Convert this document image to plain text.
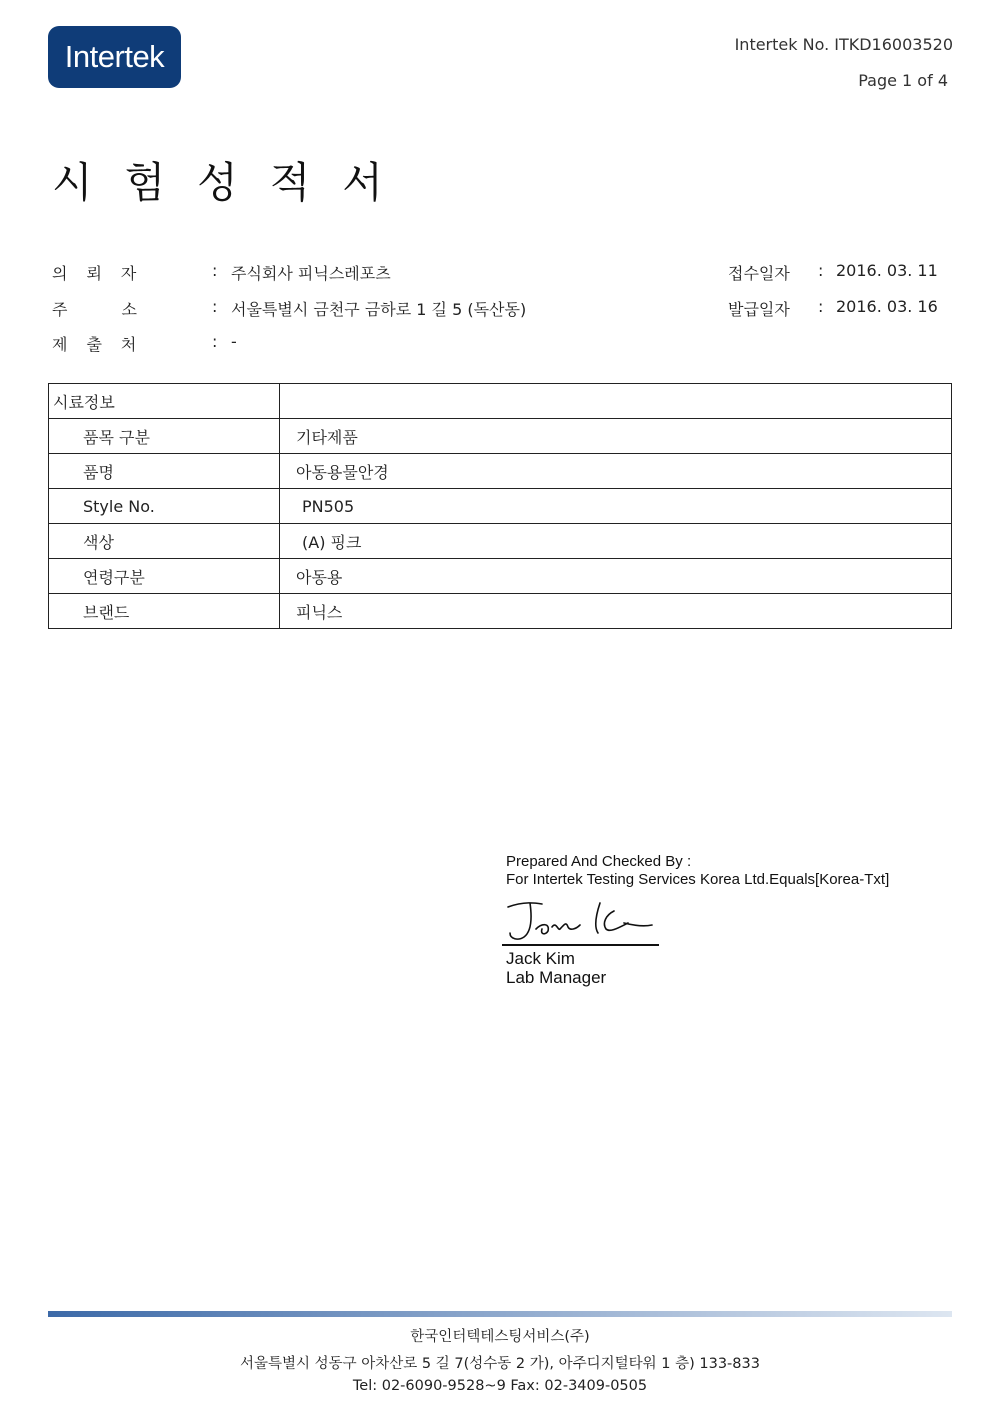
Intertek	Intertek No. ITKD16003520
Page 1 of 4
시험성적서
의뢰자	: 주식회사 피닉스레포츠
주소 : 서울특별시 금천구 금하로 1 길 5 (독산동)
제출처	: -
접수일자 : 2016. 03. 11
발급일자 : 2016. 03. 16
시료정보	
품목 구분	기타제품
품명	아동용물안경
Style No.	PN505
색상	(A) 핑크
연령구분	아동용
브랜드	피닉스
Prepared And Checked By :
For Intertek Testing Services Korea Ltd.Equals[Korea-Txt]
Jack Kim
Lab Manager
한국인터텍테스팅서비스(주)
서울특별시 성동구 아차산로 5 길 7(성수동 2 가), 아주디지털타워 1 층) 133-833
Tel: 02-6090-9528~9 Fax: 02-3409-0505
